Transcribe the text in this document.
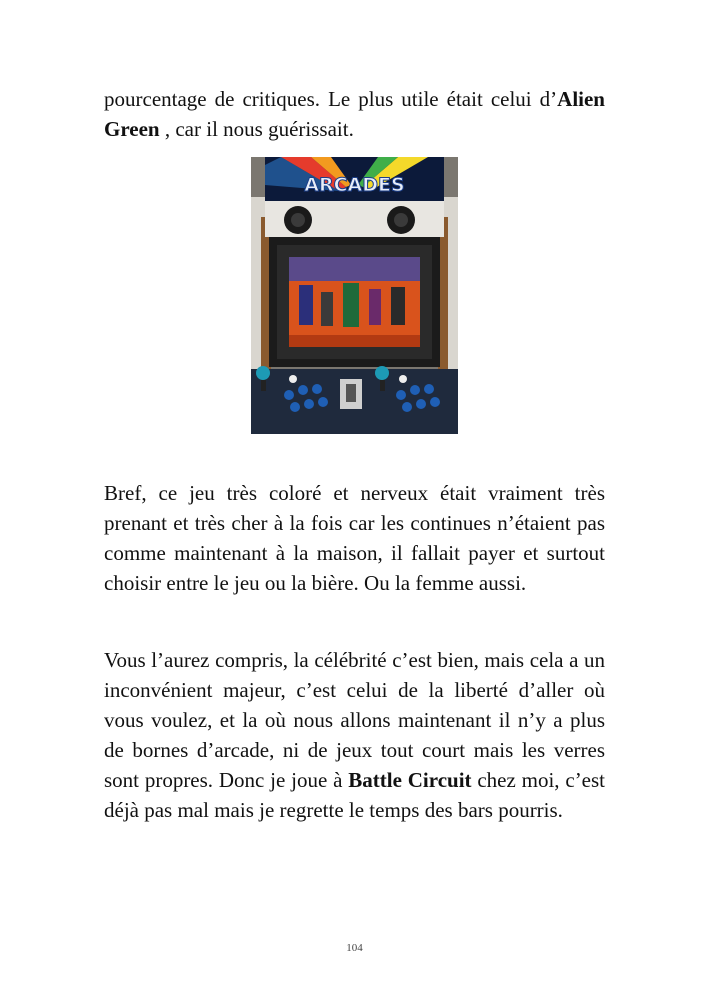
pourcentage de critiques. Le plus utile était celui d’Alien Green , car il nous guérissait.

ARCADES

Bref, ce jeu très coloré et nerveux était vraiment très prenant et très cher à la fois car les continues n’étaient pas comme maintenant à la maison, il fallait payer et surtout choisir entre le jeu ou la bière. Ou la femme aussi.

Vous l’aurez compris, la célébrité c’est bien, mais cela a un inconvénient majeur, c’est celui de la liberté d’aller où vous voulez, et la où nous allons maintenant il n’y a plus de bornes d’arcade, ni de jeux tout court mais les verres sont propres. Donc je joue à Battle Circuit chez moi, c’est déjà pas mal mais je regrette le temps des bars pourris.

104
